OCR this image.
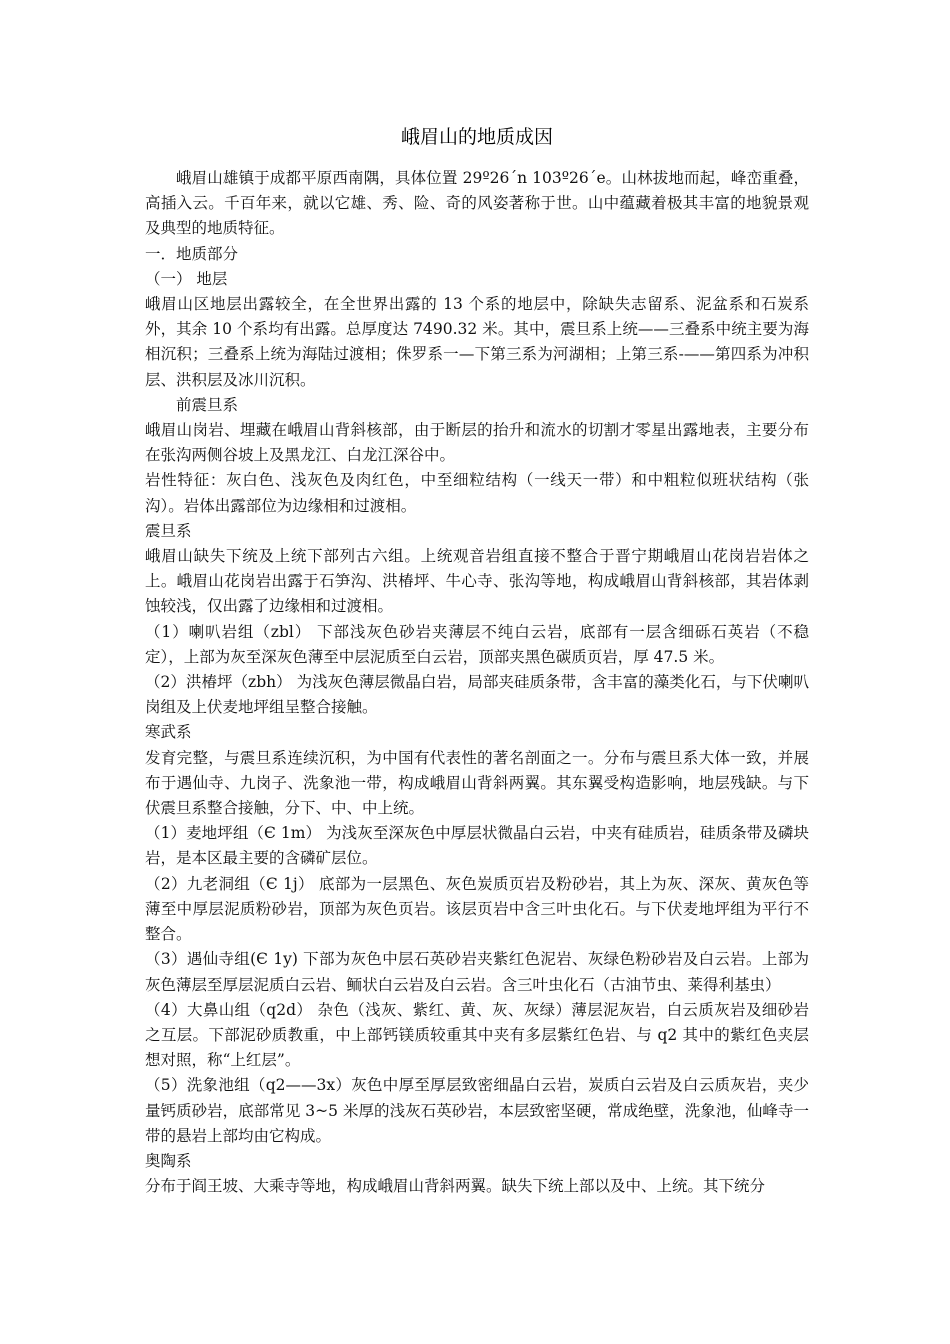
峨眉山的地质成因

峨眉山雄镇于成都平原西南隅，具体位置 29º26´n 103º26´e。山林拔地而起，峰峦重叠，高插入云。千百年来，就以它雄、秀、险、奇的风姿著称于世。山中蕴藏着极其丰富的地貌景观及典型的地质特征。

一．地质部分

（一） 地层

峨眉山区地层出露较全，在全世界出露的 13 个系的地层中，除缺失志留系、泥盆系和石炭系外，其余 10 个系均有出露。总厚度达 7490.32 米。其中，震旦系上统——三叠系中统主要为海相沉积；三叠系上统为海陆过渡相；侏罗系一—下第三系为河湖相；上第三系-——第四系为冲积层、洪积层及冰川沉积。

前震旦系

峨眉山岗岩、埋藏在峨眉山背斜核部，由于断层的抬升和流水的切割才零星出露地表，主要分布在张沟两侧谷坡上及黑龙江、白龙江深谷中。

岩性特征：灰白色、浅灰色及肉红色，中至细粒结构（一线天一带）和中粗粒似班状结构（张沟）。岩体出露部位为边缘相和过渡相。

震旦系

峨眉山缺失下统及上统下部列古六组。上统观音岩组直接不整合于晋宁期峨眉山花岗岩岩体之上。峨眉山花岗岩出露于石笋沟、洪椿坪、牛心寺、张沟等地，构成峨眉山背斜核部，其岩体剥蚀较浅，仅出露了边缘相和过渡相。

（1）喇叭岩组（zbl） 下部浅灰色砂岩夹薄层不纯白云岩，底部有一层含细砾石英岩（不稳定），上部为灰至深灰色薄至中层泥质至白云岩，顶部夹黑色碳质页岩，厚 47.5 米。

（2）洪椿坪（zbh） 为浅灰色薄层微晶白岩，局部夹硅质条带，含丰富的藻类化石，与下伏喇叭岗组及上伏麦地坪组呈整合接触。

寒武系

发育完整，与震旦系连续沉积，为中国有代表性的著名剖面之一。分布与震旦系大体一致，并展布于遇仙寺、九岗子、洗象池一带，构成峨眉山背斜两翼。其东翼受构造影响，地层残缺。与下伏震旦系整合接触，分下、中、中上统。

（1）麦地坪组（Є 1m） 为浅灰至深灰色中厚层状微晶白云岩，中夹有硅质岩，硅质条带及磷块岩，是本区最主要的含磷矿层位。

（2）九老洞组（Є 1j） 底部为一层黑色、灰色炭质页岩及粉砂岩，其上为灰、深灰、黄灰色等薄至中厚层泥质粉砂岩，顶部为灰色页岩。该层页岩中含三叶虫化石。与下伏麦地坪组为平行不整合。

（3）遇仙寺组(Є 1y) 下部为灰色中层石英砂岩夹紫红色泥岩、灰绿色粉砂岩及白云岩。上部为灰色薄层至厚层泥质白云岩、鲕状白云岩及白云岩。含三叶虫化石（古油节虫、莱得利基虫）

（4）大鼻山组（q2d） 杂色（浅灰、紫红、黄、灰、灰绿）薄层泥灰岩，白云质灰岩及细砂岩之互层。下部泥砂质教重，中上部钙镁质较重其中夹有多层紫红色岩、与 q2 其中的紫红色夹层想对照，称“上红层”。

（5）洗象池组（q2——3x）灰色中厚至厚层致密细晶白云岩，炭质白云岩及白云质灰岩，夹少量钙质砂岩，底部常见 3~5 米厚的浅灰石英砂岩，本层致密坚硬，常成绝壁，洗象池，仙峰寺一带的悬岩上部均由它构成。

奥陶系

分布于阎王坡、大乘寺等地，构成峨眉山背斜两翼。缺失下统上部以及中、上统。其下统分
